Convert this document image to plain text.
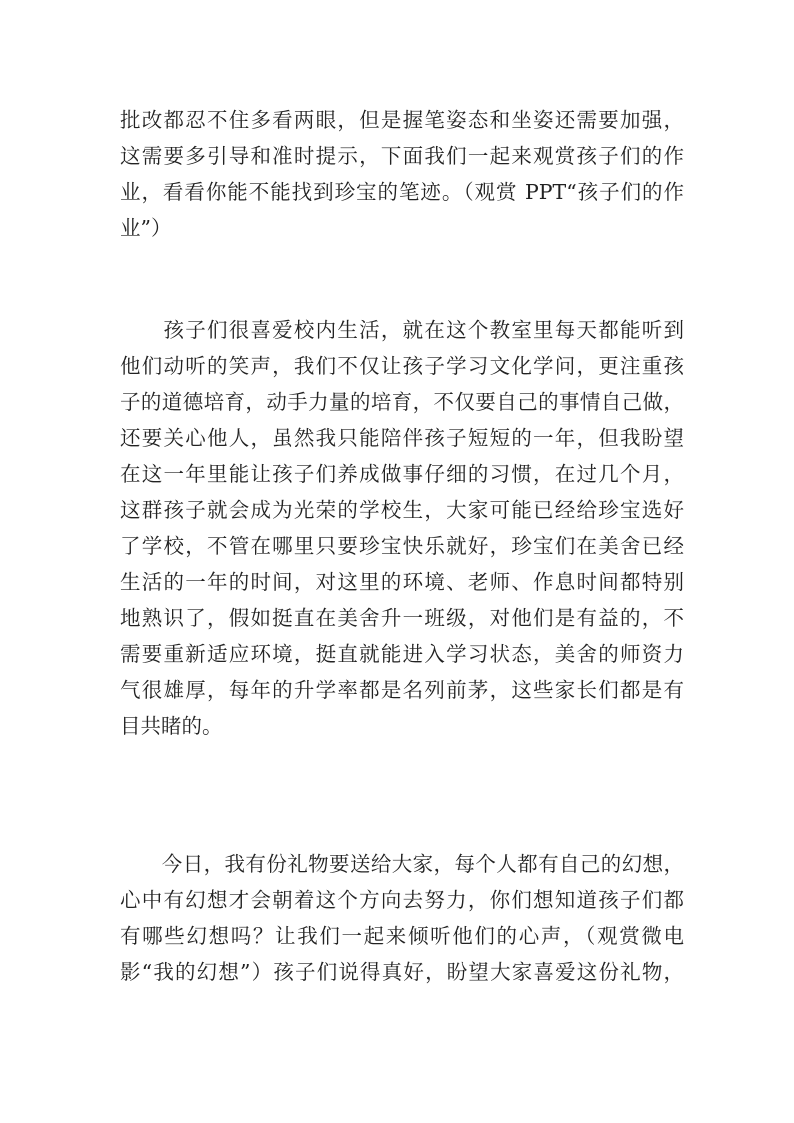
批改都忍不住多看两眼，但是握笔姿态和坐姿还需要加强，
这需要多引导和准时提示，下面我们一起来观赏孩子们的作
业，看看你能不能找到珍宝的笔迹。（观赏 PPT“孩子们的作
业”）
　　孩子们很喜爱校内生活，就在这个教室里每天都能听到
他们动听的笑声，我们不仅让孩子学习文化学问，更注重孩
子的道德培育，动手力量的培育，不仅要自己的事情自己做，
还要关心他人，虽然我只能陪伴孩子短短的一年，但我盼望
在这一年里能让孩子们养成做事仔细的习惯，在过几个月，
这群孩子就会成为光荣的学校生，大家可能已经给珍宝选好
了学校，不管在哪里只要珍宝快乐就好，珍宝们在美舍已经
生活的一年的时间，对这里的环境、老师、作息时间都特别
地熟识了，假如挺直在美舍升一班级，对他们是有益的，不
需要重新适应环境，挺直就能进入学习状态，美舍的师资力
气很雄厚，每年的升学率都是名列前茅，这些家长们都是有
目共睹的。
　　今日，我有份礼物要送给大家，每个人都有自己的幻想，
心中有幻想才会朝着这个方向去努力，你们想知道孩子们都
有哪些幻想吗？让我们一起来倾听他们的心声，（观赏微电
影“我的幻想”）孩子们说得真好，盼望大家喜爱这份礼物，
